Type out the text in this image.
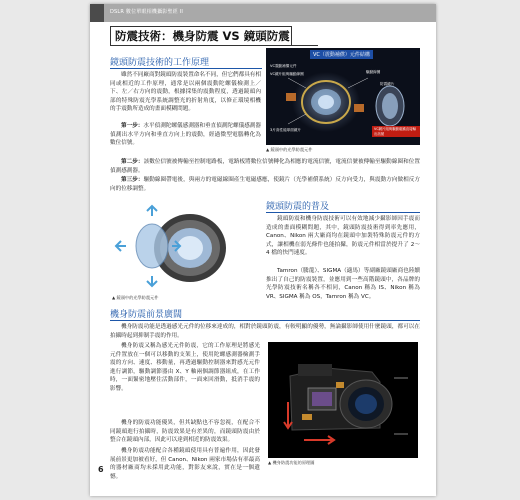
DSLR 數位單眼相機攝影聖經 II
防震技術：機身防震 VS 鏡頭防震
鏡頭防震技術的工作原理

雖然不同廠商對鏡頭防震裝置命名不同，但它們都具有相同或相近的工作原理，通常是以兩個震動陀螺儀檢測上／下、左／右方向的震動，根據採集的震動程度，透過鏡頭內部的特殊防震光學系統調整光的折射角度，以修正環境相機的手震動所造成的畫面模糊問題。

第一步：水平偵測陀螺儀感測器和垂直偵測陀螺儀感測器偵測出水平方向和垂直方向上的震動，經過微型電腦轉化為數位信號。

VC（震動補償）元件結構
VC震動補償元件
VC鏡片組與驅動線圈	驅動線圈
3片高性能球面鏡片
防震鏡片
VC鏡片組與驅動磁鐵直接輸出訊號
▲ 鏡頭中的光學防震元件

第二步：該數位信號被傳輸至控制電路板，電路板將數位信號轉化為相應的電流信號，電流信號被傳輸至驅動線圈和位置偵測感測器。

第三步：驅動線圈帶電後，與兩方的電磁線圈產生電磁感應，使鏡片（光學補償系統）反方向受力，與震動方向做相反方向的位移調整。

▲ 鏡頭中的光學防震元件
鏡頭防震的普及

鏡頭防震和機身防震技術可以有效地減少攝影師因手震而造成的畫面模糊問題，其中，鏡頭防震技術得到率先應用，Canon、Nikon 兩大廠商均在鏡頭中加裝特殊防震元件的方式，讓相機在弱光條件也能拍攝，防震元件相當於提升了 2～4 檔的快門速度。

Tamron（騰龍）、SIGMA（適馬）等副廠鏡頭廠商也陸續推出了自己的防震裝置，並應用到一些高階鏡頭中，各品牌的光學防震技術名稱各不相同，Canon 稱為 IS、Nikon 稱為 VR、SIGMA 稱為 OS，Tamron 稱為 VC。

機身防震前景廣闊

機身防震功能是透過感光元件的位移來達成的，相對於鏡頭防震，有較明顯的優勢，無論攝影師使用什麼鏡頭，都可以在拍攝時起到抑制手震的作用。

機身防震又稱為感光元件防震，它的工作原理是將感光元件置放在一個可以移動的支架上，使用陀螺感測器檢測手震的方向、速度、移動量，再透過驅動控制器來對感光元件進行調節，驅動調節器由 X、Y 軸兩個調節器組成，在工作時，一面緊密地壓住活動部件，一面來回滑動，抵消手震的影響。

機身的防震功能優異，但其缺點也不容忽視，在配合不同鏡頭進行拍攝時，防震效果是有差異的，而鏡頭防震由於整合在鏡頭內部，因此可以達到相近的防震效果。

機身防震功能配合各種鏡頭使用具有普遍作用，因此發展前景更加被看好，但 Canon、Nikon 兩家市場佔有率最高的器材廠商均未採用此功能，對影友來說，實在是一個遺憾。

▲ 機身防震功能的原理圖
6
